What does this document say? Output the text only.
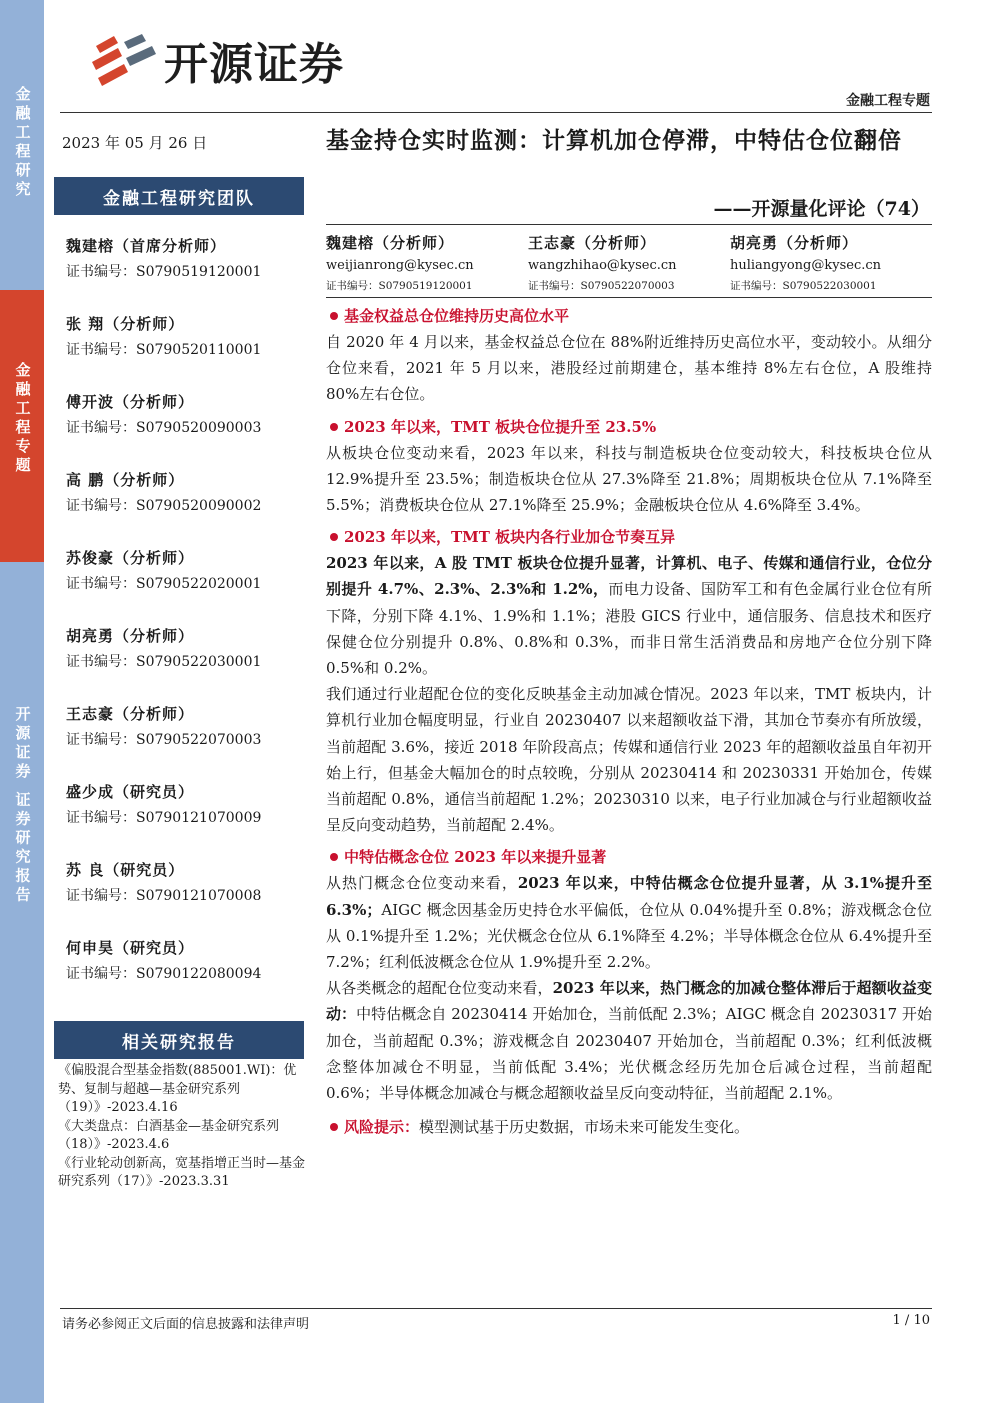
金融工程研究
金融工程专题
开源证券 证券研究报告
开源证券
金融工程专题
2023 年 05 月 26 日
金融工程研究团队
魏建榕（首席分析师）
证书编号：S0790519120001
张 翔（分析师）
证书编号：S0790520110001
傅开波（分析师）
证书编号：S0790520090003
高 鹏（分析师）
证书编号：S0790520090002
苏俊豪（分析师）
证书编号：S0790522020001
胡亮勇（分析师）
证书编号：S0790522030001
王志豪（分析师）
证书编号：S0790522070003
盛少成（研究员）
证书编号：S0790121070009
苏 良（研究员）
证书编号：S0790121070008
何申昊（研究员）
证书编号：S0790122080094
相关研究报告
《偏股混合型基金指数(885001.WI)：优势、复制与超越—基金研究系列（19）》-2023.4.16
《大类盘点：白酒基金—基金研究系列（18）》-2023.4.6
《行业轮动创新高，宽基指增正当时—基金研究系列（17）》-2023.3.31
基金持仓实时监测：计算机加仓停滞，中特估仓位翻倍
——开源量化评论（74）
魏建榕（分析师）
weijianrong@kysec.cn
证书编号：S0790519120001
王志豪（分析师）
wangzhihao@kysec.cn
证书编号：S0790522070003
胡亮勇（分析师）
huliangyong@kysec.cn
证书编号：S0790522030001
基金权益总仓位维持历史高位水平
自 2020 年 4 月以来，基金权益总仓位在 88%附近维持历史高位水平，变动较小。从细分仓位来看，2021 年 5 月以来，港股经过前期建仓，基本维持 8%左右仓位，A 股维持 80%左右仓位。
2023 年以来，TMT 板块仓位提升至 23.5%
从板块仓位变动来看，2023 年以来，科技与制造板块仓位变动较大，科技板块仓位从 12.9%提升至 23.5%；制造板块仓位从 27.3%降至 21.8%；周期板块仓位从 7.1%降至 5.5%；消费板块仓位从 27.1%降至 25.9%；金融板块仓位从 4.6%降至 3.4%。
2023 年以来，TMT 板块内各行业加仓节奏互异
2023 年以来，A 股 TMT 板块仓位提升显著，计算机、电子、传媒和通信行业，仓位分别提升 4.7%、2.3%、2.3%和 1.2%，而电力设备、国防军工和有色金属行业仓位有所下降，分别下降 4.1%、1.9%和 1.1%；港股 GICS 行业中，通信服务、信息技术和医疗保健仓位分别提升 0.8%、0.8%和 0.3%，而非日常生活消费品和房地产仓位分别下降 0.5%和 0.2%。
我们通过行业超配仓位的变化反映基金主动加减仓情况。2023 年以来，TMT 板块内，计算机行业加仓幅度明显，行业自 20230407 以来超额收益下滑，其加仓节奏亦有所放缓，当前超配 3.6%，接近 2018 年阶段高点；传媒和通信行业 2023 年的超额收益虽自年初开始上行，但基金大幅加仓的时点较晚，分别从 20230414 和 20230331 开始加仓，传媒当前超配 0.8%，通信当前超配 1.2%；20230310 以来，电子行业加减仓与行业超额收益呈反向变动趋势，当前超配 2.4%。
中特估概念仓位 2023 年以来提升显著
从热门概念仓位变动来看，2023 年以来，中特估概念仓位提升显著，从 3.1%提升至 6.3%；AIGC 概念因基金历史持仓水平偏低，仓位从 0.04%提升至 0.8%；游戏概念仓位从 0.1%提升至 1.2%；光伏概念仓位从 6.1%降至 4.2%；半导体概念仓位从 6.4%提升至 7.2%；红利低波概念仓位从 1.9%提升至 2.2%。
从各类概念的超配仓位变动来看，2023 年以来，热门概念的加减仓整体滞后于超额收益变动：中特估概念自 20230414 开始加仓，当前低配 2.3%；AIGC 概念自 20230317 开始加仓，当前超配 0.3%；游戏概念自 20230407 开始加仓，当前超配 0.3%；红利低波概念整体加减仓不明显，当前低配 3.4%；光伏概念经历先加仓后减仓过程，当前超配 0.6%；半导体概念加减仓与概念超额收益呈反向变动特征，当前超配 2.1%。
风险提示： 模型测试基于历史数据，市场未来可能发生变化。
请务必参阅正文后面的信息披露和法律声明	1 / 10
